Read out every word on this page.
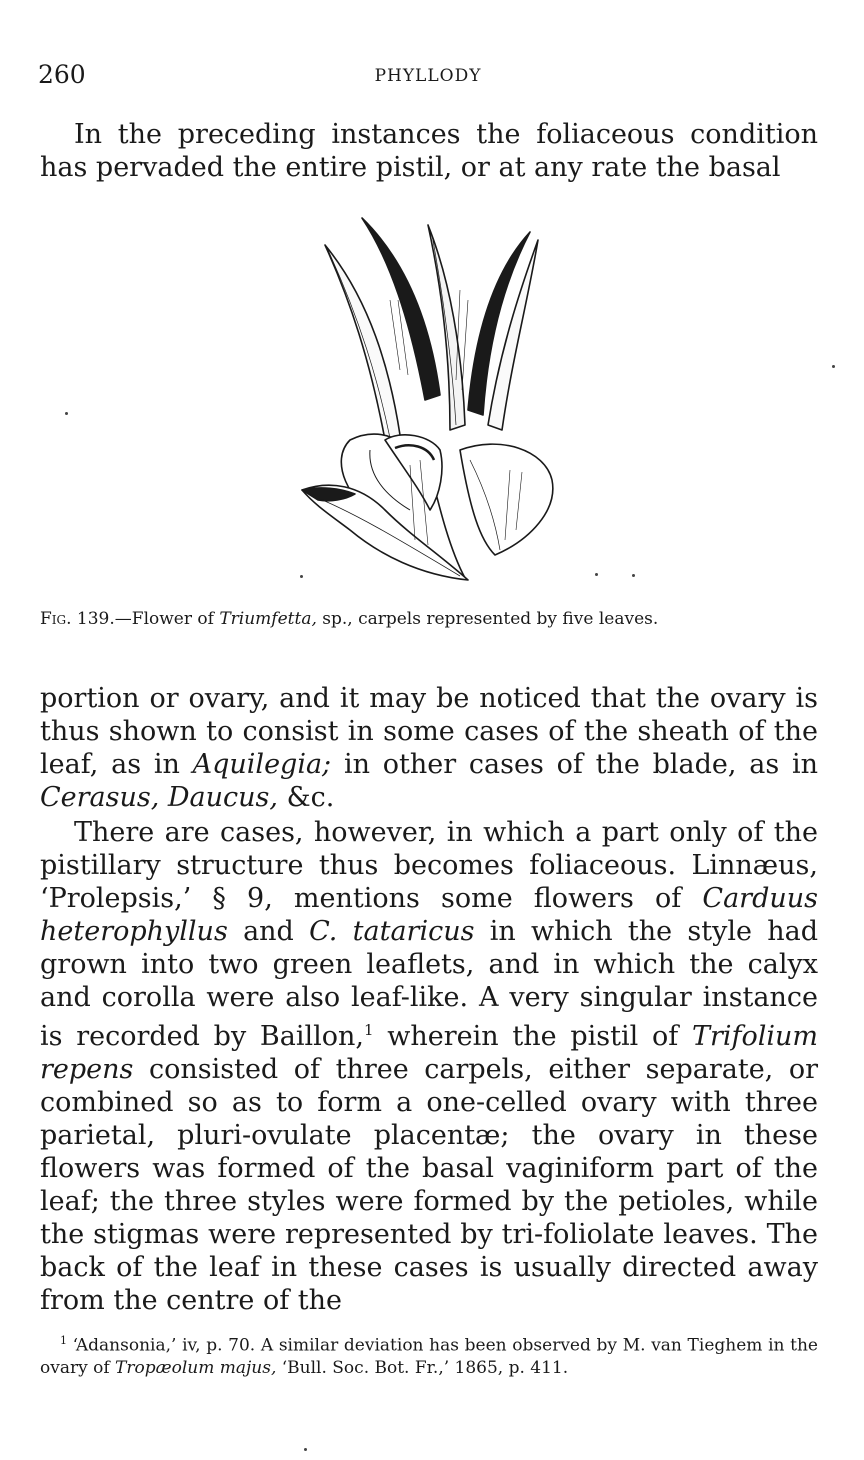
260	PHYLLODY

In the preceding instances the foliaceous condition has pervaded the entire pistil, or at any rate the basal

Fig. 139.—Flower of Triumfetta, sp., carpels represented by five leaves.

portion or ovary, and it may be noticed that the ovary is thus shown to consist in some cases of the sheath of the leaf, as in Aquilegia; in other cases of the blade, as in Cerasus, Daucus, &c.

There are cases, however, in which a part only of the pistillary structure thus becomes foliaceous. Linnæus, ‘Prolepsis,’ § 9, mentions some flowers of Carduus heterophyllus and C. tataricus in which the style had grown into two green leaflets, and in which the calyx and corolla were also leaf-like. A very singular instance is recorded by Baillon,$^1$ wherein the pistil of Trifolium repens consisted of three carpels, either separate, or combined so as to form a one-celled ovary with three parietal, pluri-ovulate placentæ; the ovary in these flowers was formed of the basal vaginiform part of the leaf; the three styles were formed by the petioles, while the stigmas were represented by tri-foliolate leaves. The back of the leaf in these cases is usually directed away from the centre of the

$^1$ ‘Adansonia,’ iv, p. 70. A similar deviation has been observed by M. van Tieghem in the ovary of Tropæolum majus, ‘Bull. Soc. Bot. Fr.,’ 1865, p. 411.
